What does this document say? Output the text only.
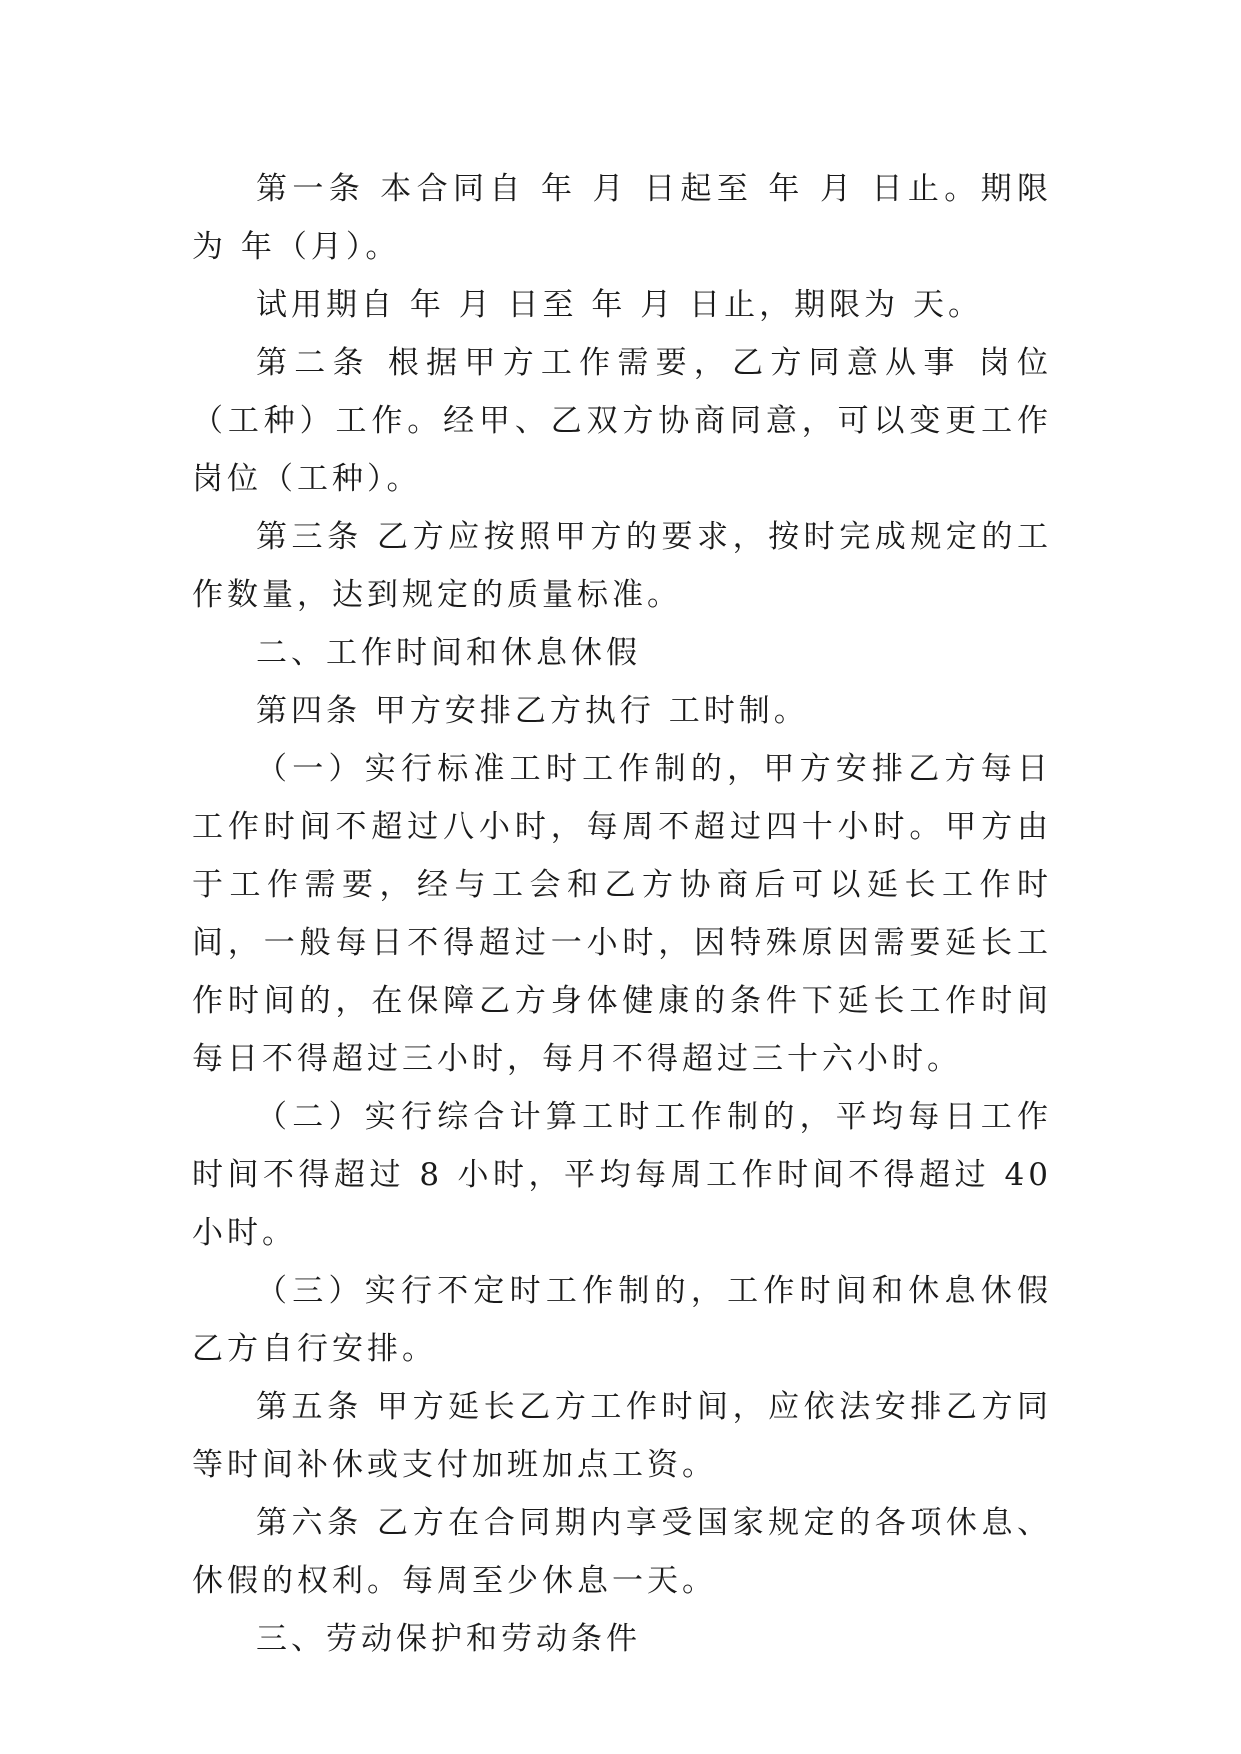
第一条 本合同自 年 月 日起至 年 月 日止。期限为 年（月）。

试用期自 年 月 日至 年 月 日止，期限为 天。

第二条 根据甲方工作需要，乙方同意从事 岗位（工种）工作。经甲、乙双方协商同意，可以变更工作岗位（工种）。

第三条 乙方应按照甲方的要求，按时完成规定的工作数量，达到规定的质量标准。

二、工作时间和休息休假

第四条 甲方安排乙方执行 工时制。

（一）实行标准工时工作制的，甲方安排乙方每日工作时间不超过八小时，每周不超过四十小时。甲方由于工作需要，经与工会和乙方协商后可以延长工作时间，一般每日不得超过一小时，因特殊原因需要延长工作时间的，在保障乙方身体健康的条件下延长工作时间每日不得超过三小时，每月不得超过三十六小时。

（二）实行综合计算工时工作制的，平均每日工作时间不得超过 8 小时，平均每周工作时间不得超过 40 小时。

（三）实行不定时工作制的，工作时间和休息休假乙方自行安排。

第五条 甲方延长乙方工作时间，应依法安排乙方同等时间补休或支付加班加点工资。

第六条 乙方在合同期内享受国家规定的各项休息、休假的权利。每周至少休息一天。

三、劳动保护和劳动条件
